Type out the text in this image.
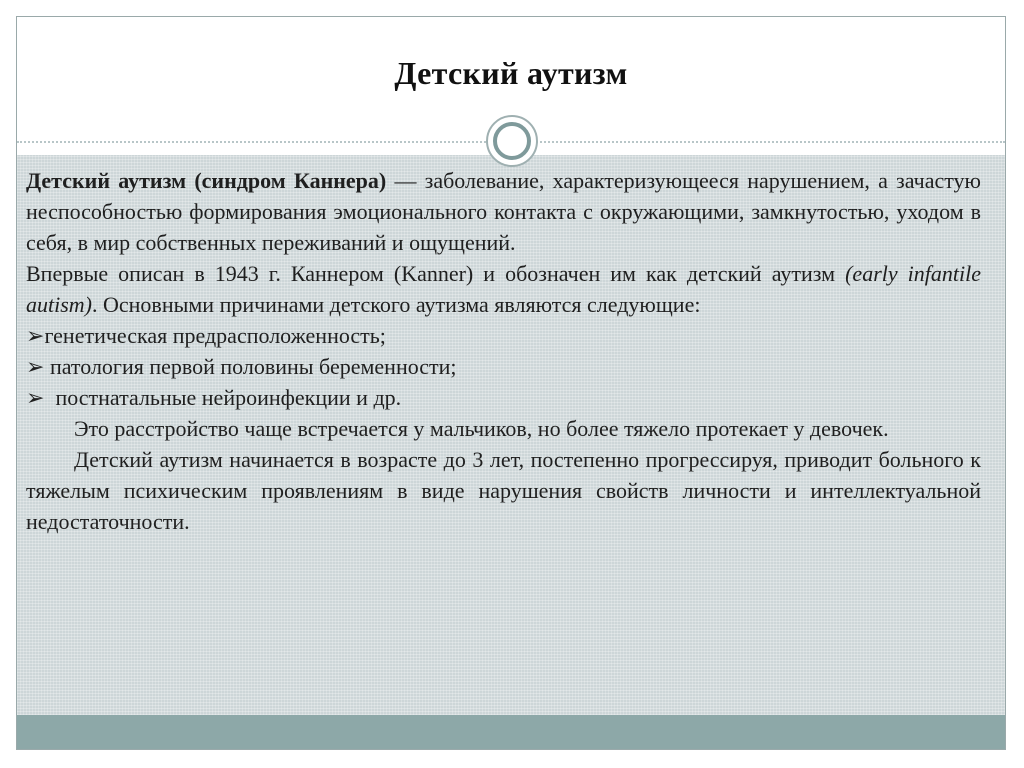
Детский аутизм

Детский аутизм (синдром Каннера) — заболевание, характеризующееся нарушением, а зачастую неспособностью формирования эмоционального контакта с окружающими, замкнутостью, уходом в себя, в мир собственных переживаний и ощущений.

Впервые описан в 1943 г. Каннером (Kanner) и обозначен им как детский аутизм (early infantile autism). Основными причинами детского аутизма являются следующие:

➢генетическая предрасположенность;

➢ патология первой половины беременности;

➢  постнатальные нейроинфекции и др.

Это расстройство чаще встречается у мальчиков, но более тяжело протекает у девочек.

Детский аутизм начинается в возрасте до 3 лет, постепенно прогрессируя, приводит больного к тяжелым психическим проявлениям в виде нарушения свойств личности и интеллектуальной недостаточности.
